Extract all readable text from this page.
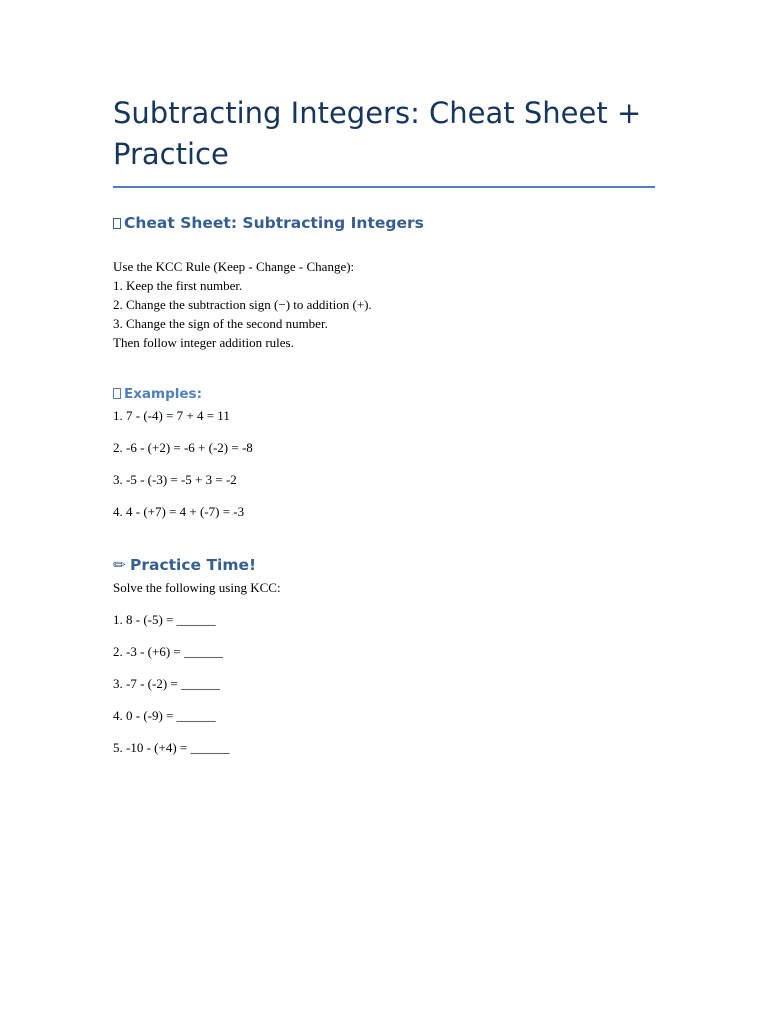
Subtracting Integers: Cheat Sheet +
Practice
Cheat Sheet: Subtracting Integers
Use the KCC Rule (Keep - Change - Change):
1. Keep the first number.
2. Change the subtraction sign (−) to addition (+).
3. Change the sign of the second number.
Then follow integer addition rules.
Examples:
1. 7 - (-4) = 7 + 4 = 11
2. -6 - (+2) = -6 + (-2) = -8
3. -5 - (-3) = -5 + 3 = -2
4. 4 - (+7) = 4 + (-7) = -3
✏ Practice Time!
Solve the following using KCC:
1. 8 - (-5) = ______
2. -3 - (+6) = ______
3. -7 - (-2) = ______
4. 0 - (-9) = ______
5. -10 - (+4) = ______
